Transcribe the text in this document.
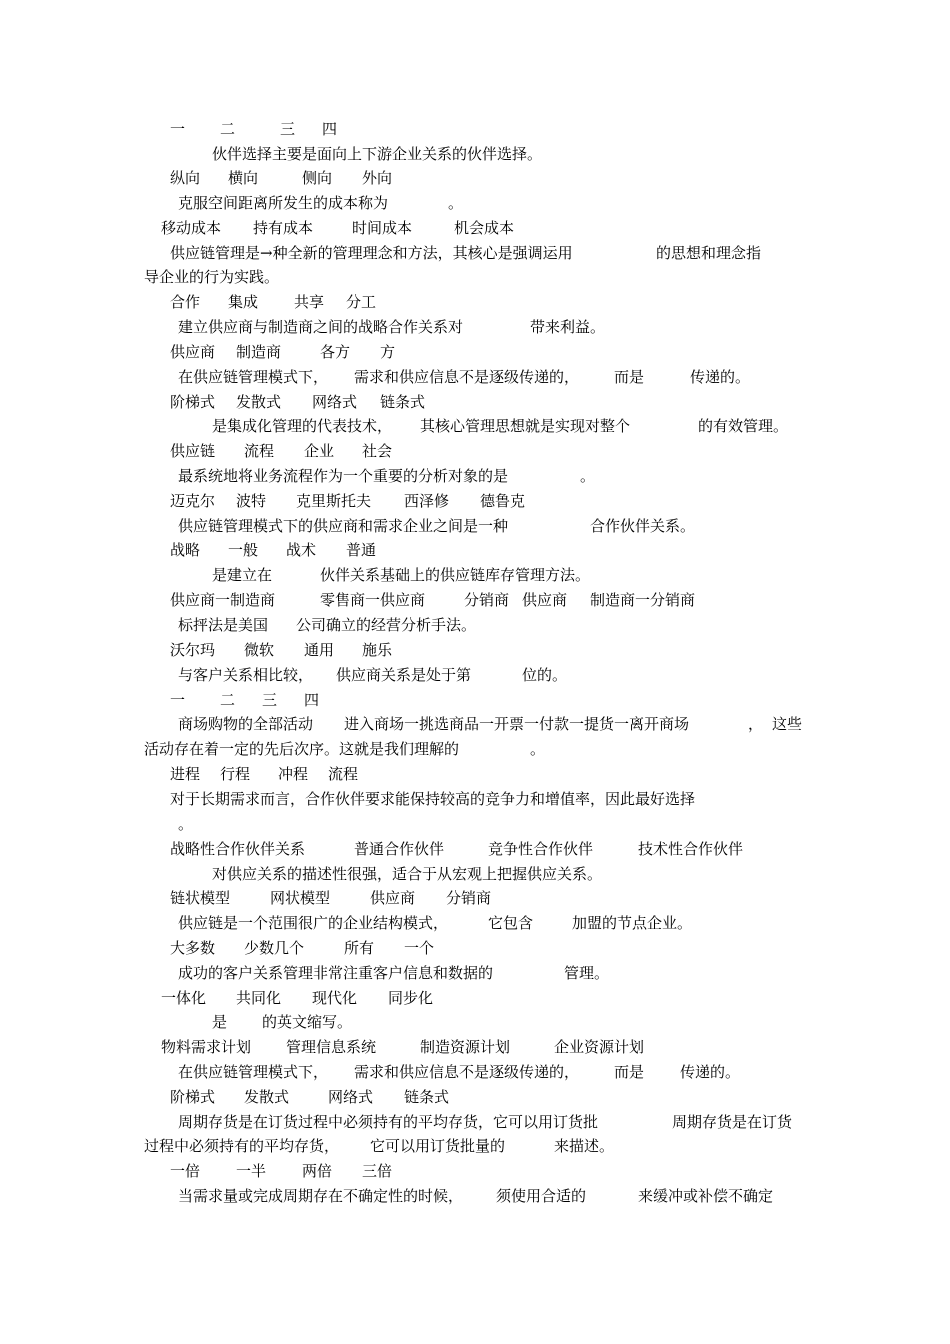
一 二	三 四
伙伴选择主要是面向上下游企业关系的伙伴选择。
纵向 横向	侧向 外向
克服空间距离所发生的成本称为	。
移动成本 持有成本	时间成本	机会成本
供应链管理是→种全新的管理理念和方法，其核心是强调运用	的思想和理念指
导企业的行为实践。
合作 集成 共享 分工
建立供应商与制造商之间的战略合作关系对	带来利益。
供应商 制造商	各方 方
在供应链管理模式下， 需求和供应信息不是逐级传递的， 而是	传递的。
阶梯式 发散式 网络式 链条式
是集成化管理的代表技术， 其核心管理思想就是实现对整个	的有效管理。
供应链 流程 企业 社会
最系统地将业务流程作为一个重要的分析对象的是	。
迈克尔 波特 克里斯托夫 西泽修 德鲁克
供应链管理模式下的供应商和需求企业之间是一种	合作伙伴关系。
战略 一般 战术 普通
是建立在	伙伴关系基础上的供应链库存管理方法。
供应商一制造商	零售商一供应商	分销商 供应商 制造商一分销商
标抨法是美国 公司确立的经营分析手法。
沃尔玛 微软 通用 施乐
与客户关系相比较， 供应商关系是处于第	位的。
一 二 三 四
商场购物的全部活动 进入商场一挑选商品一开票一付款一提货一离开商场	， 这些
活动存在着一定的先后次序。这就是我们理解的	。
进程 行程 冲程 流程
对于长期需求而言，合作伙伴要求能保持较高的竞争力和增值率，因此最好选择
。
战略性合作伙伴关系	普通合作伙伴	竞争性合作伙伴	技术性合作伙伴
对供应关系的描述性很强，适合于从宏观上把握供应关系。
链状模型	网状模型	供应商 分销商
供应链是一个范围很广的企业结构模式，	它包含	加盟的节点企业。
大多数 少数几个	所有 一个
成功的客户关系管理非常注重客户信息和数据的	管理。
一体化 共同化 现代化 同步化
是 的英文缩写。
物料需求计划 管理信息系统	制造资源计划	企业资源计划
在供应链管理模式下， 需求和供应信息不是逐级传递的， 而是 传递的。
阶梯式 发散式	网络式 链条式
周期存货是在订货过程中必须持有的平均存货，它可以用订货批	周期存货是在订货
过程中必须持有的平均存货， 它可以用订货批量的	来描述。
一倍 一半 两倍 三倍
当需求量或完成周期存在不确定性的时候， 须使用合适的	来缓冲或补偿不确定
